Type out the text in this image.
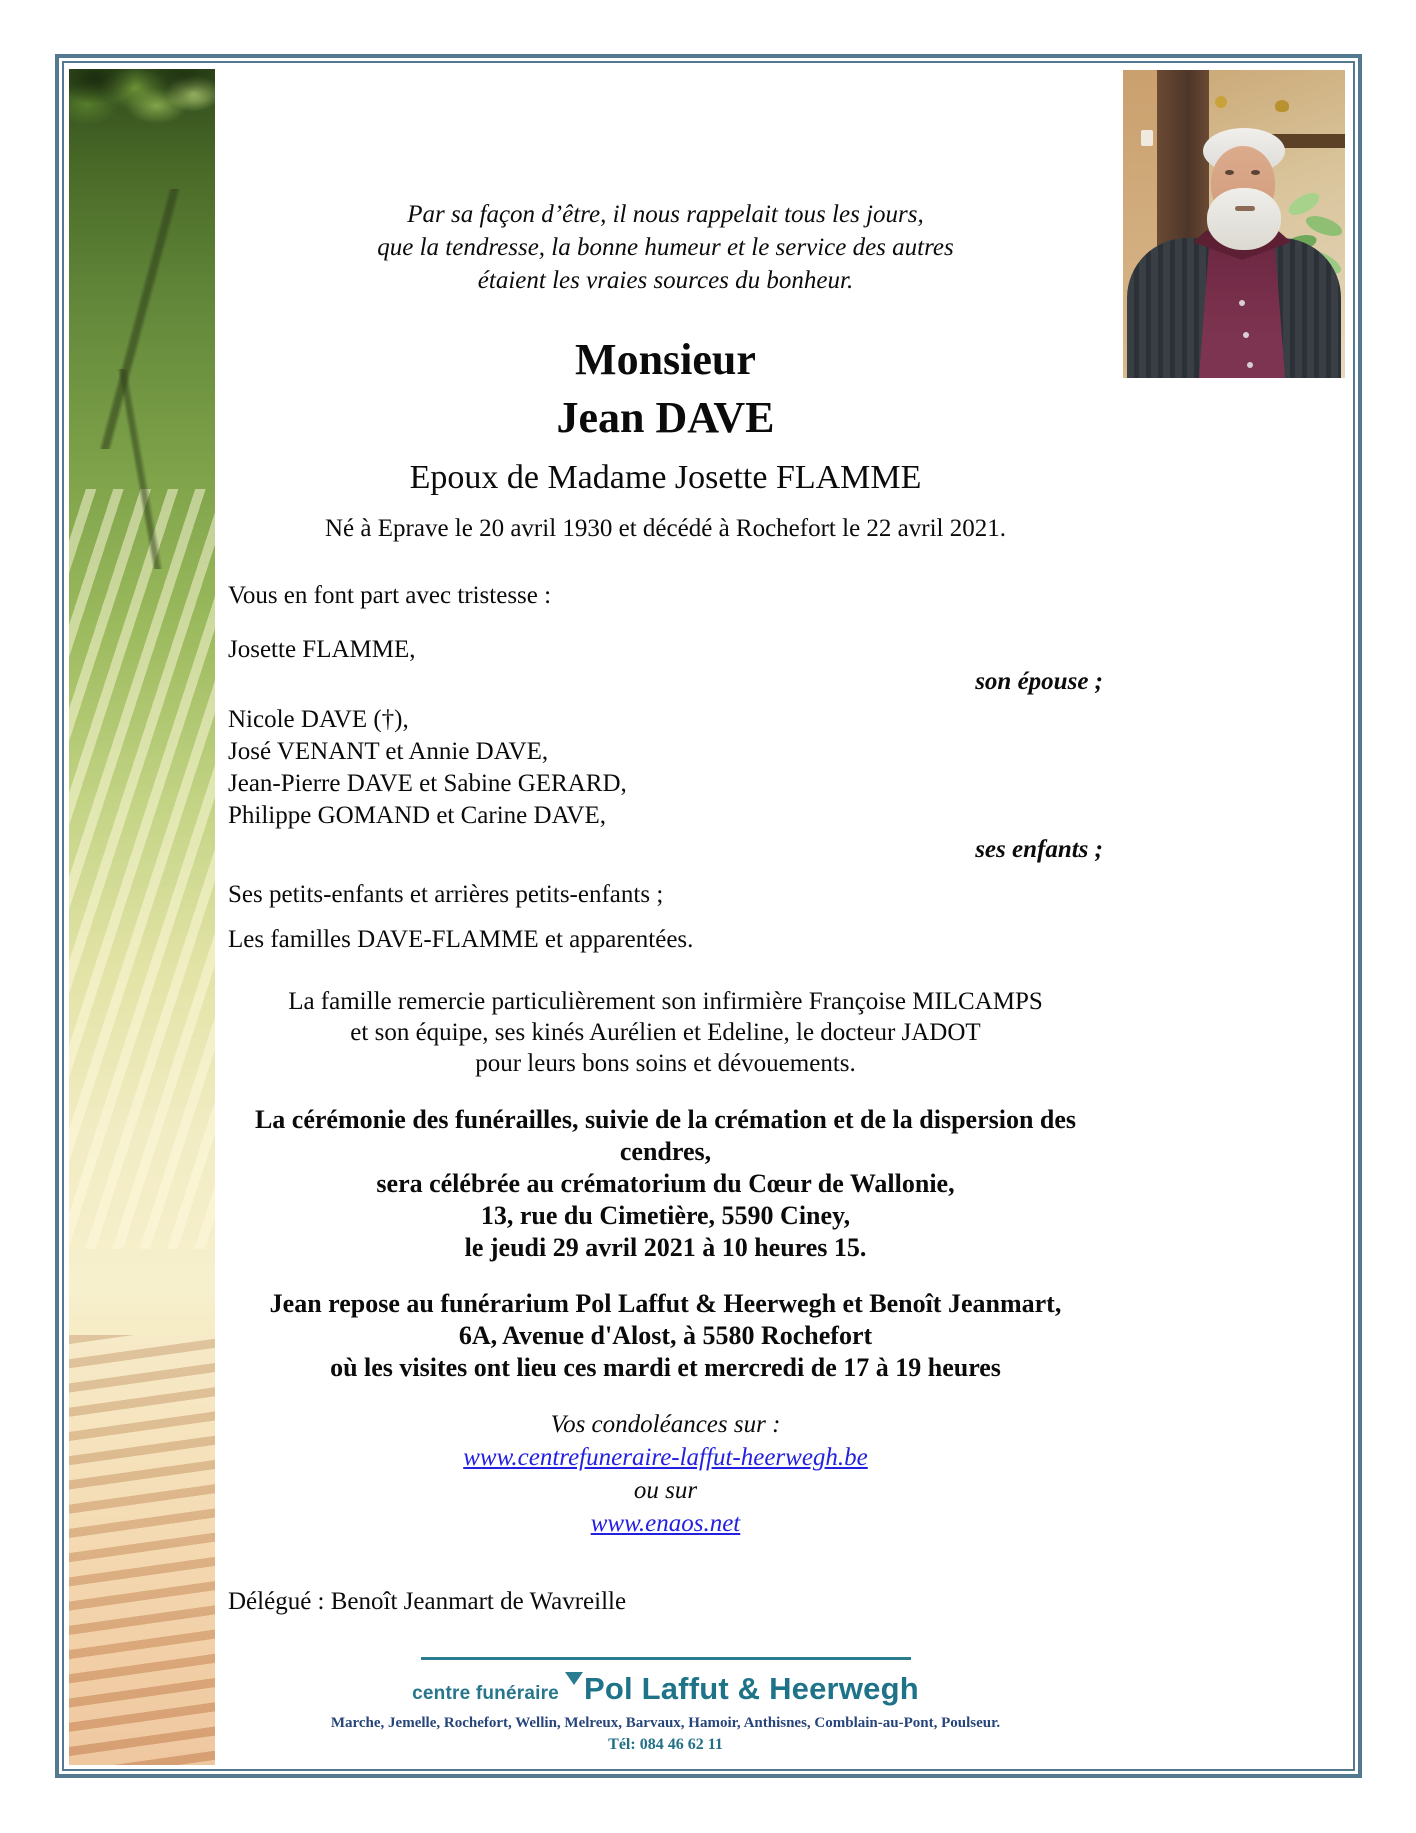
Par sa façon d’être, il nous rappelait tous les jours,

que la tendresse, la bonne humeur et le service des autres

étaient les vraies sources du bonheur.

Monsieur

Jean DAVE

Epoux de Madame Josette FLAMME

Né à Eprave le 20 avril 1930 et décédé à Rochefort le 22 avril 2021.

Vous en font part avec tristesse :

Josette FLAMME,

son épouse ;

Nicole DAVE (†),

José VENANT et Annie DAVE,

Jean-Pierre DAVE et Sabine GERARD,

Philippe GOMAND et Carine DAVE,

ses enfants ;

Ses petits-enfants et arrières petits-enfants ;

Les familles DAVE-FLAMME et apparentées.

La famille remercie particulièrement son infirmière Françoise MILCAMPS

et son équipe, ses kinés Aurélien et Edeline, le docteur JADOT

pour leurs bons soins et dévouements.

La cérémonie des funérailles, suivie de la crémation et de la dispersion des cendres,

sera célébrée au crématorium du Cœur de Wallonie,

13, rue du Cimetière, 5590 Ciney,

le jeudi 29 avril 2021 à 10 heures 15.

Jean repose au funérarium Pol Laffut & Heerwegh et Benoît Jeanmart,

6A, Avenue d'Alost, à 5580 Rochefort

où les visites ont lieu ces mardi et mercredi de 17 à 19 heures

Vos condoléances sur :

www.centrefuneraire-laffut-heerwegh.be

ou sur

www.enaos.net

Délégué : Benoît Jeanmart de Wavreille

centre funéraire Pol Laffut & Heerwegh
Marche, Jemelle, Rochefort, Wellin, Melreux, Barvaux, Hamoir, Anthisnes, Comblain-au-Pont, Poulseur.
Tél: 084 46 62 11
